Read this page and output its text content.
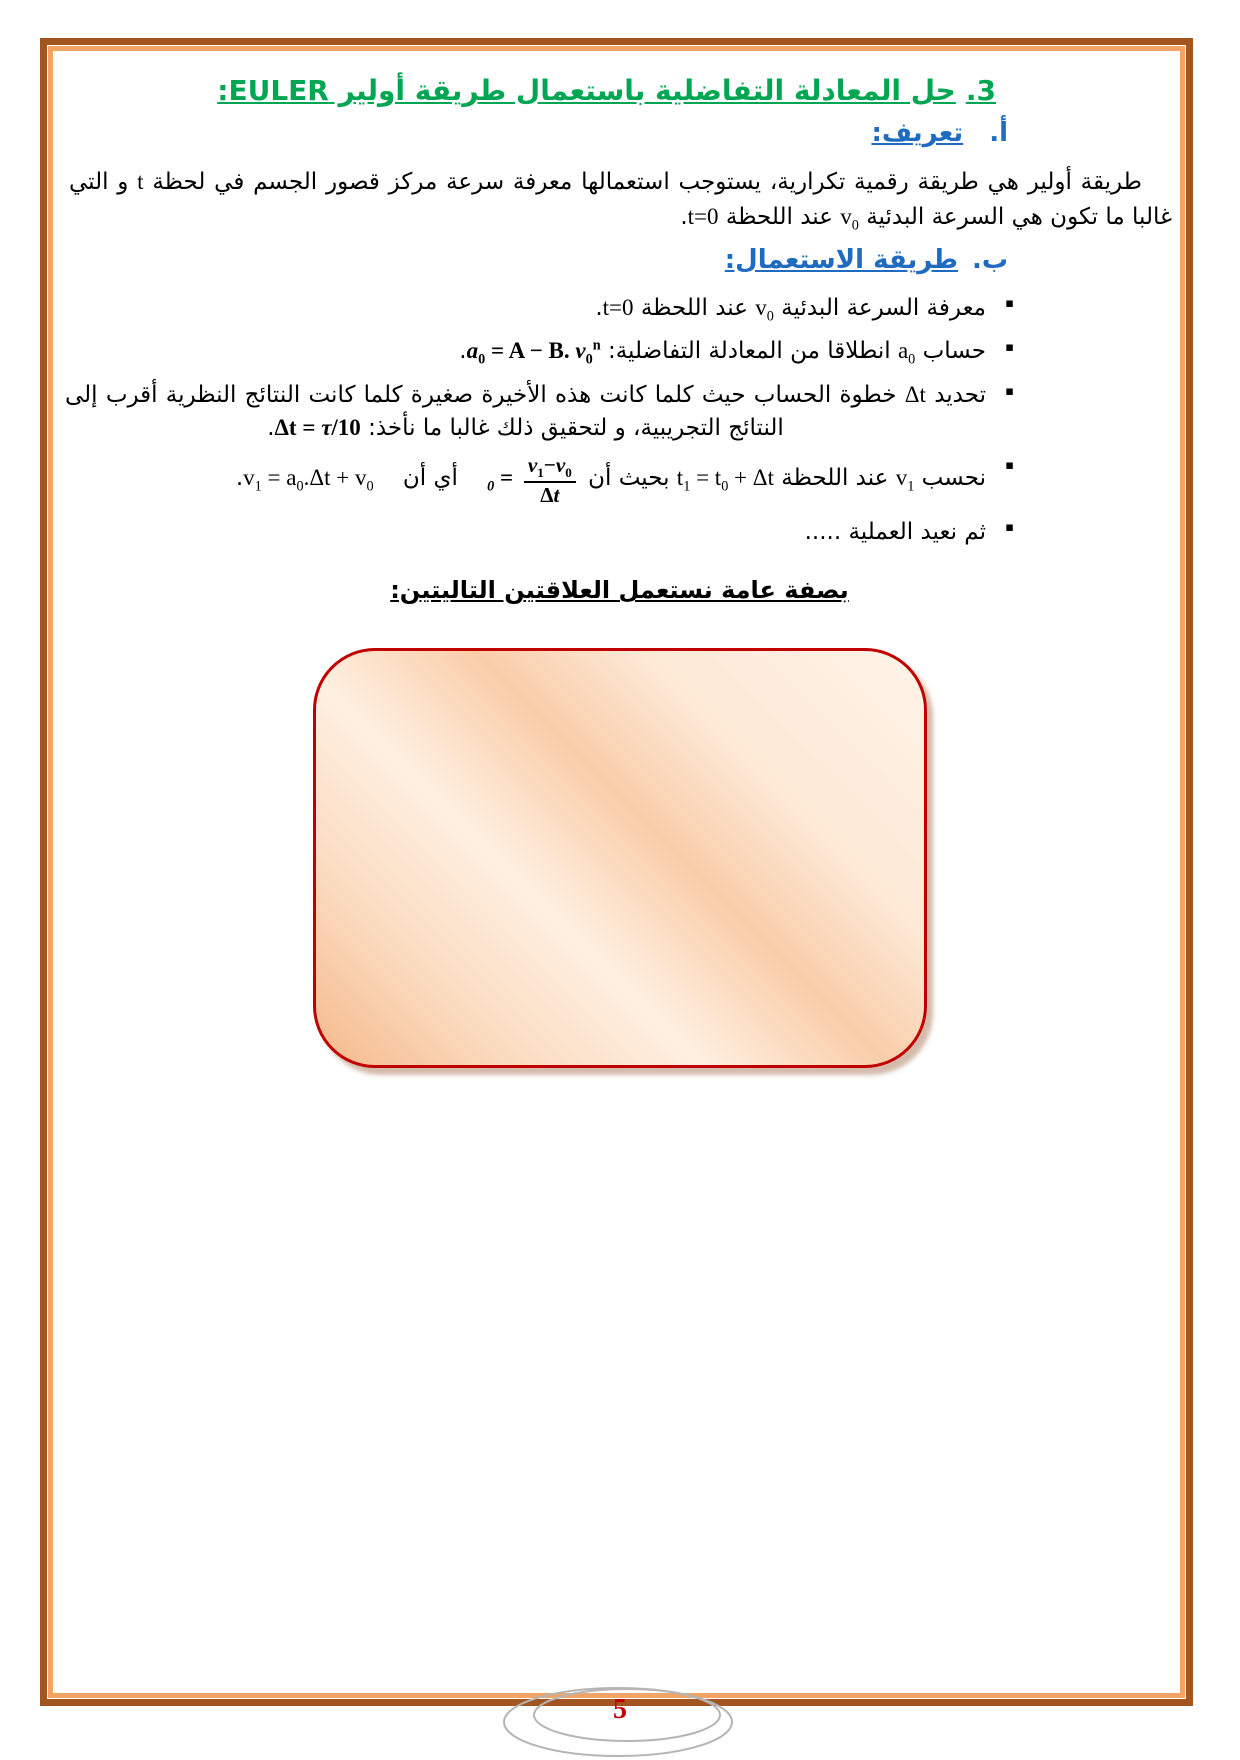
3.حل المعادلة التفاضلية باستعمال طريقة أولير EULER:
أ.تعريف:

طريقة أولير هي طريقة رقمية تكرارية، يستوجب استعمالها معرفة سرعة مركز قصور الجسم في لحظة t و التي غالبا ما تكون هي السرعة البدئية $v_0$ عند اللحظة t=0.

ب.طريقة الاستعمال:
▪
معرفة السرعة البدئية $v_0$ عند اللحظة t=0.
▪
حساب $a_0$ انطلاقا من المعادلة التفاضلية: $a_0 = A - B$. $v_0^n$.
▪
تحديد Δt خطوة الحساب حيث كلما كانت هذه الأخيرة صغيرة كلما كانت النتائج النظرية أقرب إلى النتائج التجريبية، و لتحقيق ذلك غالبا ما نأخذ: Δt = τ/10.
▪
نحسب $v_1$ عند اللحظة $t_1 = t_0 + \Delta t$ بحيث أن $_0 = \frac{v_1-v_0}{\Delta t}$
أي أن    $v_1 = a_0.\Delta t + v_0$.
▪
ثم نعيد العملية .....
بصفة عامة نستعمل العلاقتين التاليتين:
5
